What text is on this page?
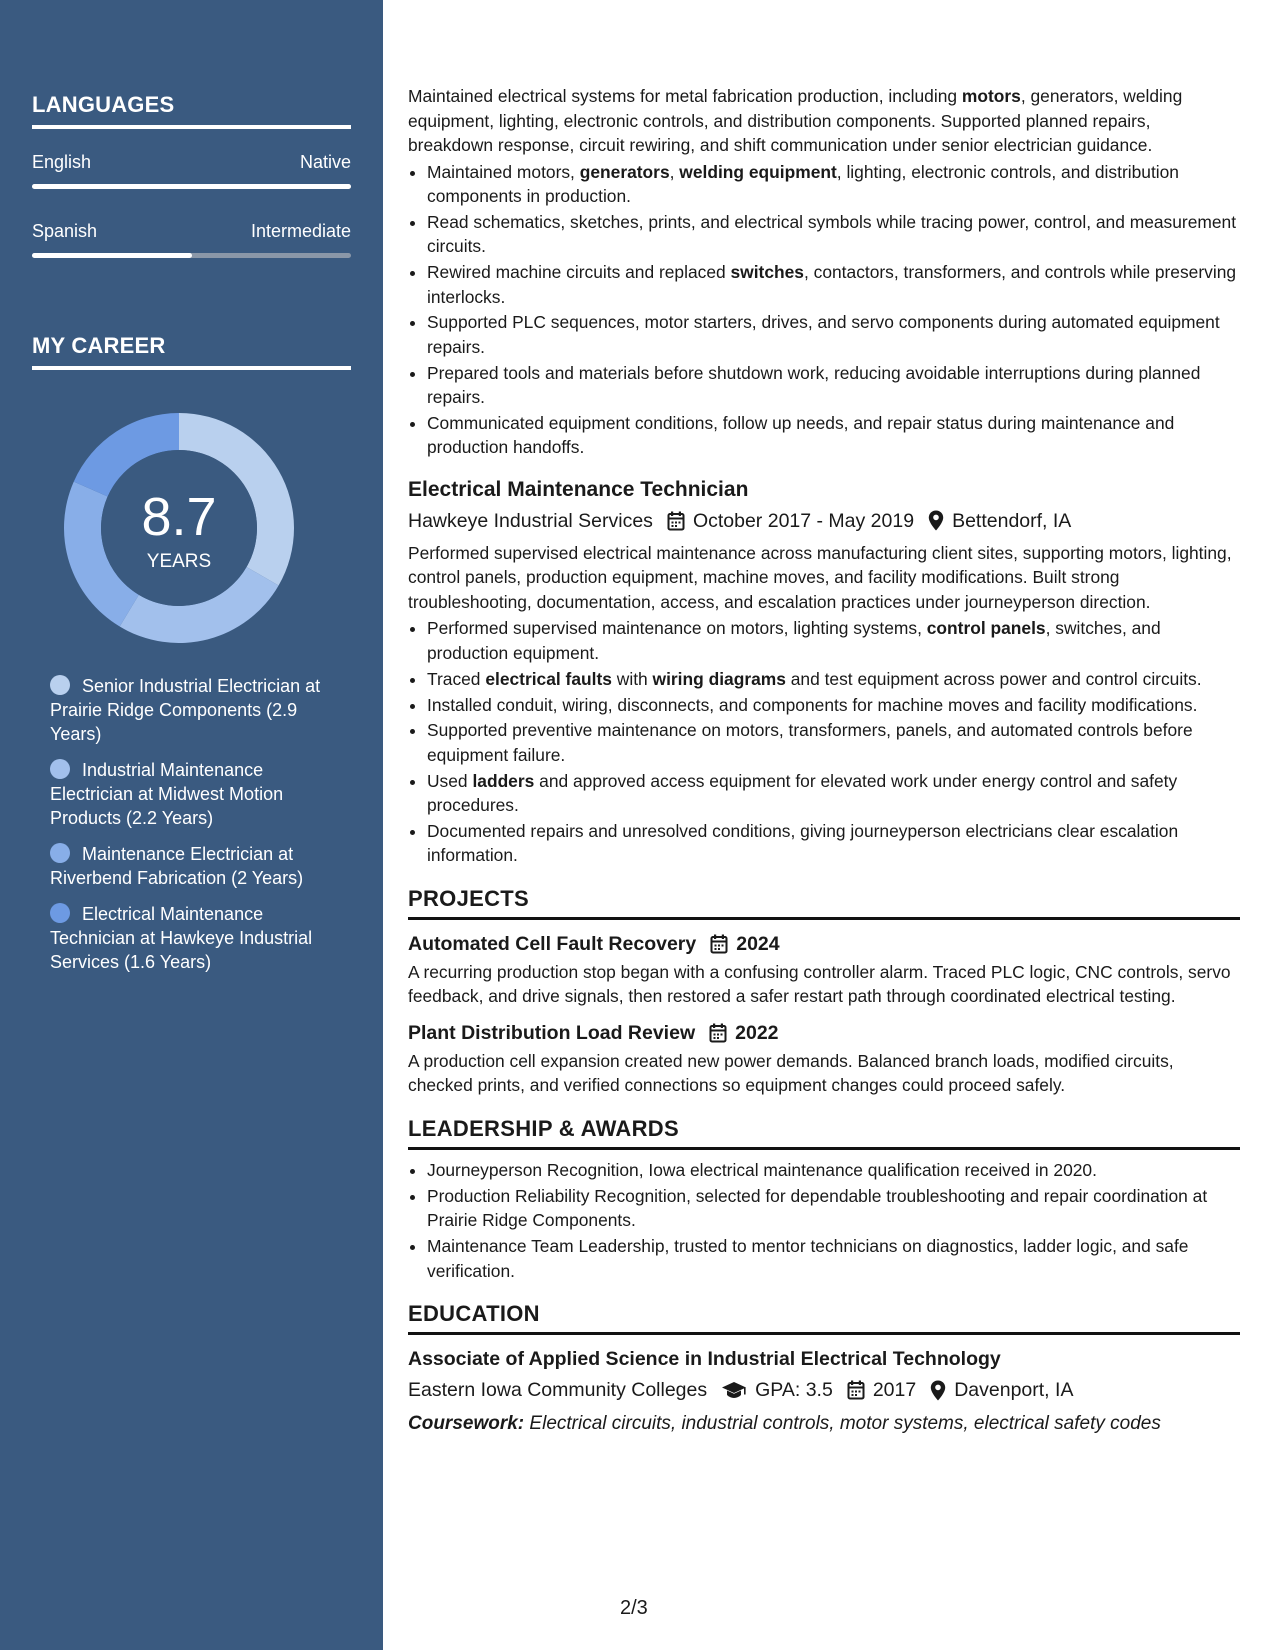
LANGUAGES
English	Native
Spanish	Intermediate
MY CAREER
8.7
YEARS
Senior Industrial Electrician at Prairie Ridge Components (2.9 Years)
Industrial Maintenance Electrician at Midwest Motion Products (2.2 Years)
Maintenance Electrician at Riverbend Fabrication (2 Years)
Electrical Maintenance Technician at Hawkeye Industrial Services (1.6 Years)

Maintained electrical systems for metal fabrication production, including motors, generators, welding equipment, lighting, electronic controls, and distribution components. Supported planned repairs, breakdown response, circuit rewiring, and shift communication under senior electrician guidance.

• Maintained motors, generators, welding equipment, lighting, electronic controls, and distribution components in production.
• Read schematics, sketches, prints, and electrical symbols while tracing power, control, and measurement circuits.
• Rewired machine circuits and replaced switches, contactors, transformers, and controls while preserving interlocks.
• Supported PLC sequences, motor starters, drives, and servo components during automated equipment repairs.
• Prepared tools and materials before shutdown work, reducing avoidable interruptions during planned repairs.
• Communicated equipment conditions, follow up needs, and repair status during maintenance and production handoffs.
Electrical Maintenance Technician
Hawkeye Industrial Services October 2017 - May 2019 Bettendorf, IA

Performed supervised electrical maintenance across manufacturing client sites, supporting motors, lighting, control panels, production equipment, machine moves, and facility modifications. Built strong troubleshooting, documentation, access, and escalation practices under journeyperson direction.

• Performed supervised maintenance on motors, lighting systems, control panels, switches, and production equipment.
• Traced electrical faults with wiring diagrams and test equipment across power and control circuits.
• Installed conduit, wiring, disconnects, and components for machine moves and facility modifications.
• Supported preventive maintenance on motors, transformers, panels, and automated controls before equipment failure.
• Used ladders and approved access equipment for elevated work under energy control and safety procedures.
• Documented repairs and unresolved conditions, giving journeyperson electricians clear escalation information.
PROJECTS
Automated Cell Fault Recovery 2024

A recurring production stop began with a confusing controller alarm. Traced PLC logic, CNC controls, servo feedback, and drive signals, then restored a safer restart path through coordinated electrical testing.

Plant Distribution Load Review 2022

A production cell expansion created new power demands. Balanced branch loads, modified circuits, checked prints, and verified connections so equipment changes could proceed safely.

LEADERSHIP & AWARDS
• Journeyperson Recognition, Iowa electrical maintenance qualification received in 2020.
• Production Reliability Recognition, selected for dependable troubleshooting and repair coordination at Prairie Ridge Components.
• Maintenance Team Leadership, trusted to mentor technicians on diagnostics, ladder logic, and safe verification.
EDUCATION
Associate of Applied Science in Industrial Electrical Technology
Eastern Iowa Community Colleges GPA: 3.5 2017 Davenport, IA
Coursework: Electrical circuits, industrial controls, motor systems, electrical safety codes
2/3
